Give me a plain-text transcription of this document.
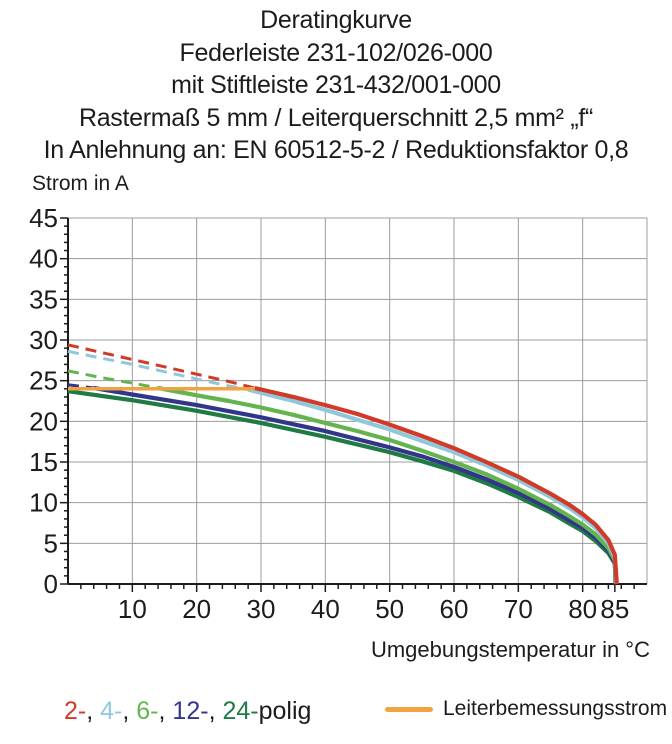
Deratingkurve
Federleiste 231-102/026-000
mit Stiftleiste 231-432/001-000
Rastermaß 5 mm / Leiterquerschnitt 2,5 mm² „f“
In Anlehnung an: EN 60512-5-2 / Reduktionsfaktor 0,8
Strom in A
0
5
10
15
20
25
30
35
40
45
10 20 30 40 50 60 70 80 85
Umgebungstemperatur in °C
2-, 4-, 6-, 12-, 24-polig	Leiterbemessungsstrom
